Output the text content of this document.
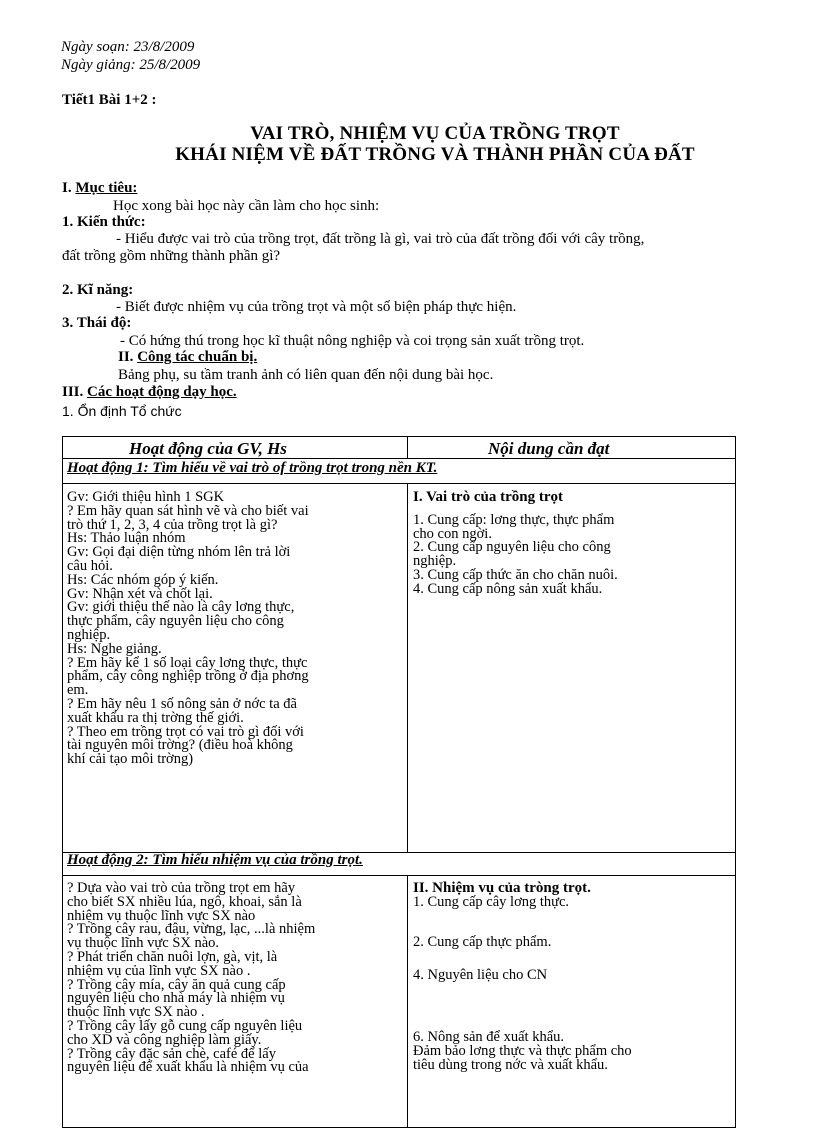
Ngày soạn: 23/8/2009
Ngày giảng: 25/8/2009
Tiết1 Bài 1+2 :
VAI TRÒ, NHIỆM VỤ CỦA TRỒNG TRỌT
KHÁI NIỆM VỀ ĐẤT TRỒNG VÀ THÀNH PHẦN CỦA ĐẤT
I. Mục tiêu:
Học xong bài học này cần làm cho học sinh:
1. Kiến thức:
- Hiểu được vai trò của trồng trọt, đất trồng là gì, vai trò của đất trồng đối với cây trồng,
đất trồng gồm những thành phần gì?
2. Kĩ năng:
- Biết được nhiệm vụ của trồng trọt và một số biện pháp thực hiện.
3. Thái độ:
- Có hứng thú trong học kĩ thuật nông nghiệp và coi trọng sản xuất trồng trọt.
II. Công tác chuẩn bị.
Bảng phụ, su tầm tranh ảnh có liên quan đến nội dung bài học.
III. Các hoạt động dạy học.
1. Ổn định Tổ chức
Hoạt động của GV, Hs	Nội dung cần đạt
Hoạt động 1: Tìm hiểu về vai trò of trồng trọt trong nền KT.
Gv: Giới thiệu hình 1 SGK
? Em hãy quan sát hình vẽ và cho biết vai
trò thứ 1, 2, 3, 4 của trồng trọt là gì?
Hs: Thảo luận nhóm
Gv: Gọi đại diện từng nhóm lên trả lời
câu hỏi.
Hs: Các nhóm góp ý kiến.
Gv: Nhận xét và chốt lại.
Gv: giới thiệu thế nào là cây lơng thực,
thực phẩm, cây nguyên liệu cho công
nghiệp.
Hs: Nghe giảng.
? Em hãy kể 1 số loại cây lơng thực, thực
phẩm, cây công nghiệp trồng ở địa phơng
em.
? Em hãy nêu 1 số nông sản ở nớc ta đã
xuất khẩu ra thị trờng thế giới.
? Theo em trồng trọt có vai trò gì đối với
tài nguyên môi trờng? (điều hoà không
khí cải tạo môi trờng)
I. Vai trò của trồng trọt
1. Cung cấp: lơng thực, thực phẩm
cho con ngời.
2. Cung cấp nguyên liệu cho công
nghiệp.
3. Cung cấp thức ăn cho chăn nuôi.
4. Cung cấp nông sản xuất khẩu.
Hoạt động 2: Tìm hiểu nhiệm vụ của trồng trọt.
? Dựa vào vai trò của trồng trọt em hãy
cho biết SX nhiều lúa, ngô, khoai, sắn là
nhiệm vụ thuộc lĩnh vực SX nào
? Trồng cây rau, đậu, vừng, lạc, ...là nhiệm
vụ thuộc lĩnh vực SX nào.
? Phát triển chăn nuôi lợn, gà, vịt, là
nhiệm vụ của lĩnh vực SX nào .
? Trồng cây mía, cây ăn quả cung cấp
nguyên liệu cho nhà máy là nhiệm vụ
thuộc lĩnh vực SX nào .
? Trồng cây lấy gỗ cung cấp nguyên liệu
cho XD và công nghiệp làm giấy.
? Trồng cây đặc sản chè, café để lấy
nguyên liệu để xuất khẩu là nhiệm vụ của
II. Nhiệm vụ của tròng trọt.
1. Cung cấp cây lơng thực.
2. Cung cấp thực phẩm.
4. Nguyên liệu cho CN
6. Nông sản để xuất khẩu.
Đảm bảo lơng thực và thực phẩm cho
tiêu dùng trong nớc và xuất khẩu.
